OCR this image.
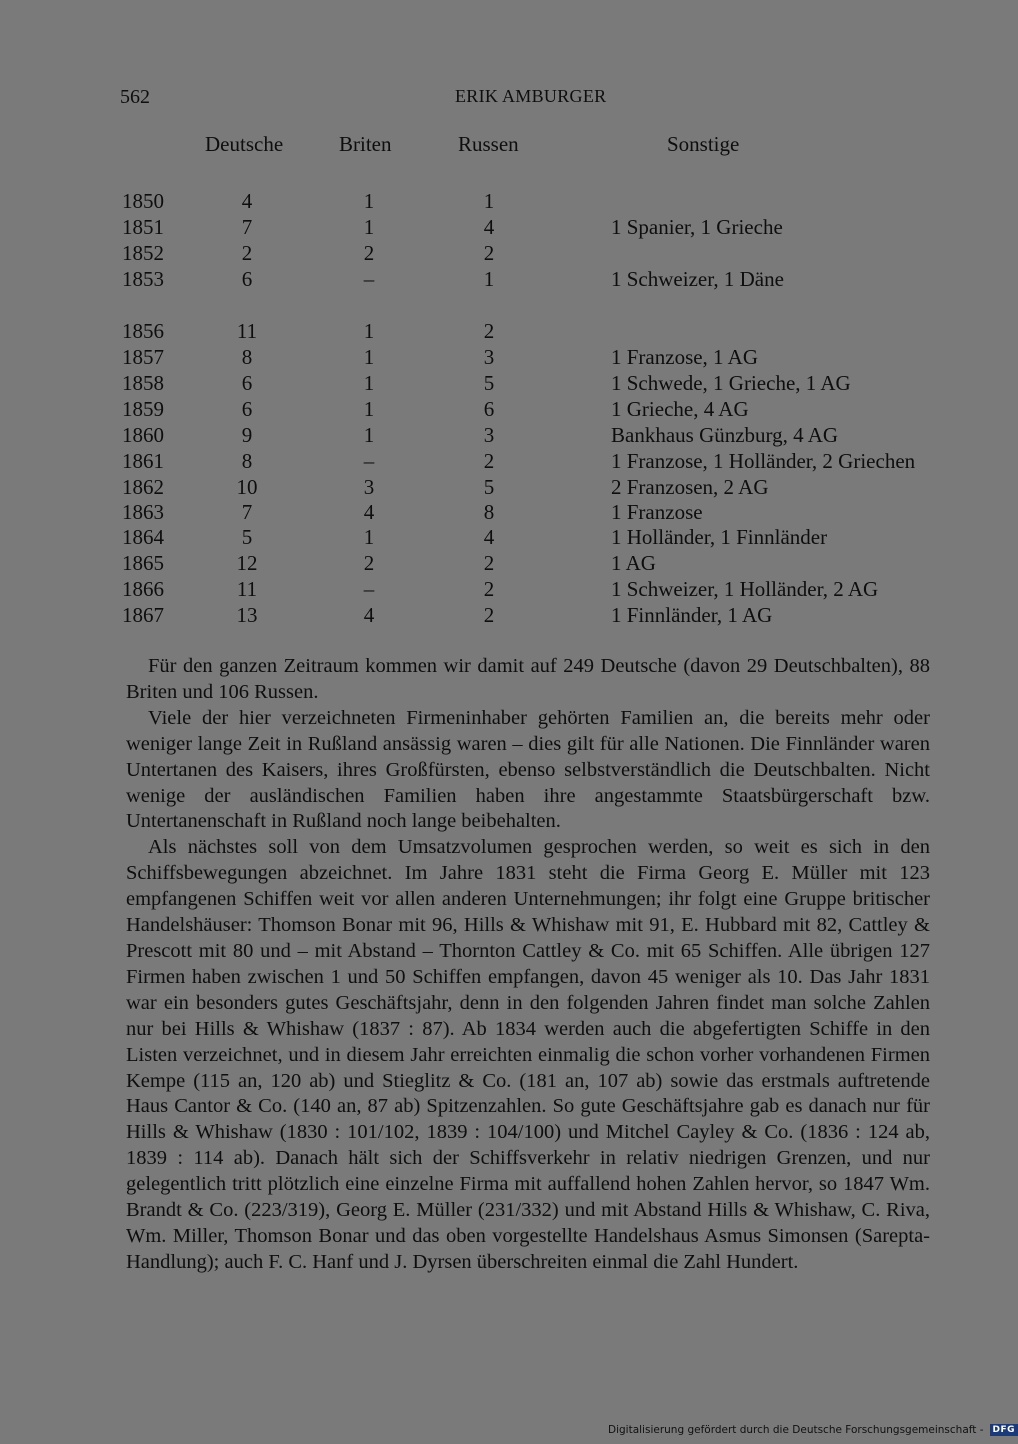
562	ERIK AMBURGER
Deutsche	Briten	Russen	Sonstige
1850	4	1	1
1851	7	1	4	1 Spanier, 1 Grieche
1852	2	2	2
1853	6	–	1	1 Schweizer, 1 Däne
1856	11	1	2
1857	8	1	3	1 Franzose, 1 AG
1858	6	1	5	1 Schwede, 1 Grieche, 1 AG
1859	6	1	6	1 Grieche, 4 AG
1860	9	1	3	Bankhaus Günzburg, 4 AG
1861	8	–	2	1 Franzose, 1 Holländer, 2 Griechen
1862	10	3	5	2 Franzosen, 2 AG
1863	7	4	8	1 Franzose
1864	5	1	4	1 Holländer, 1 Finnländer
1865	12	2	2	1 AG
1866	11	–	2	1 Schweizer, 1 Holländer, 2 AG
1867	13	4	2	1 Finnländer, 1 AG

Für den ganzen Zeitraum kommen wir damit auf 249 Deutsche (davon 29 Deutschbalten), 88 Briten und 106 Russen.

Viele der hier verzeichneten Firmeninhaber gehörten Familien an, die bereits mehr oder weniger lange Zeit in Rußland ansässig waren – dies gilt für alle Nationen. Die Finnländer waren Untertanen des Kaisers, ihres Großfürsten, ebenso selbstverständlich die Deutschbalten. Nicht wenige der ausländischen Familien haben ihre angestammte Staatsbürgerschaft bzw. Untertanenschaft in Rußland noch lange beibehalten.

Als nächstes soll von dem Umsatzvolumen gesprochen werden, so weit es sich in den Schiffsbewegungen abzeichnet. Im Jahre 1831 steht die Firma Georg E. Müller mit 123 empfangenen Schiffen weit vor allen anderen Unternehmungen; ihr folgt eine Gruppe britischer Handelshäuser: Thomson Bonar mit 96, Hills & Whishaw mit 91, E. Hubbard mit 82, Cattley & Prescott mit 80 und – mit Abstand – Thornton Cattley & Co. mit 65 Schiffen. Alle übrigen 127 Firmen haben zwischen 1 und 50 Schiffen empfangen, davon 45 weniger als 10. Das Jahr 1831 war ein besonders gutes Geschäftsjahr, denn in den folgenden Jahren findet man solche Zahlen nur bei Hills & Whishaw (1837 : 87). Ab 1834 werden auch die abgefertigten Schiffe in den Listen verzeichnet, und in diesem Jahr erreichten einmalig die schon vorher vorhandenen Firmen Kempe (115 an, 120 ab) und Stieglitz & Co. (181 an, 107 ab) sowie das erstmals auftretende Haus Cantor & Co. (140 an, 87 ab) Spitzenzahlen. So gute Geschäftsjahre gab es danach nur für Hills & Whishaw (1830 : 101/102, 1839 : 104/100) und Mitchel Cayley & Co. (1836 : 124 ab, 1839 : 114 ab). Danach hält sich der Schiffsverkehr in relativ niedrigen Grenzen, und nur gelegentlich tritt plötzlich eine einzelne Firma mit auffallend hohen Zahlen hervor, so 1847 Wm. Brandt & Co. (223/319), Georg E. Müller (231/332) und mit Abstand Hills & Whishaw, C. Riva, Wm. Miller, Thomson Bonar und das oben vorgestellte Handelshaus Asmus Simonsen (Sarepta-Handlung); auch F. C. Hanf und J. Dyrsen überschreiten einmal die Zahl Hundert.

Digitalisierung gefördert durch die Deutsche Forschungsgemeinschaft -	DFG
